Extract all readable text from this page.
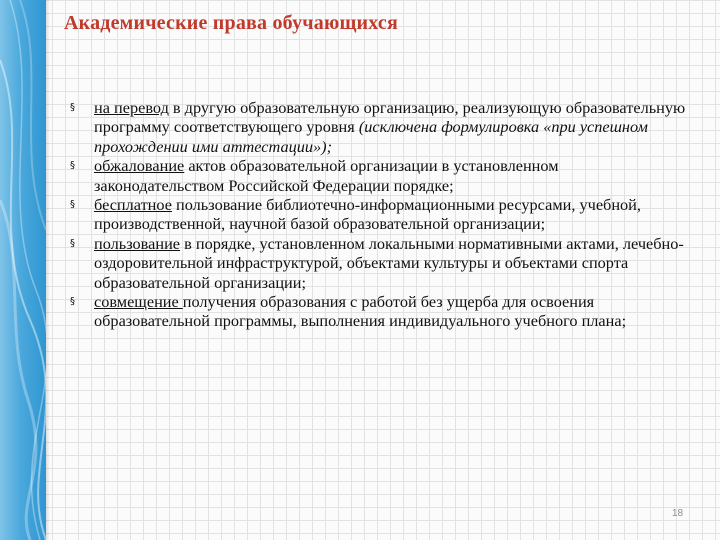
Академические права обучающихся

§ на перевод в другую образовательную организацию, реализующую образовательную программу соответствующего уровня (исключена формулировка «при успешном прохождении ими аттестации»);

§ обжалование актов образовательной организации в установленном законодательством Российской Федерации порядке;

§ бесплатное пользование библиотечно-информационными ресурсами, учебной, производственной, научной базой образовательной организации;

§ пользование в порядке, установленном локальными нормативными актами, лечебно-оздоровительной инфраструктурой, объектами культуры и объектами спорта образовательной организации;

§ совмещение получения образования с работой без ущерба для освоения образовательной программы, выполнения индивидуального учебного плана;

18
